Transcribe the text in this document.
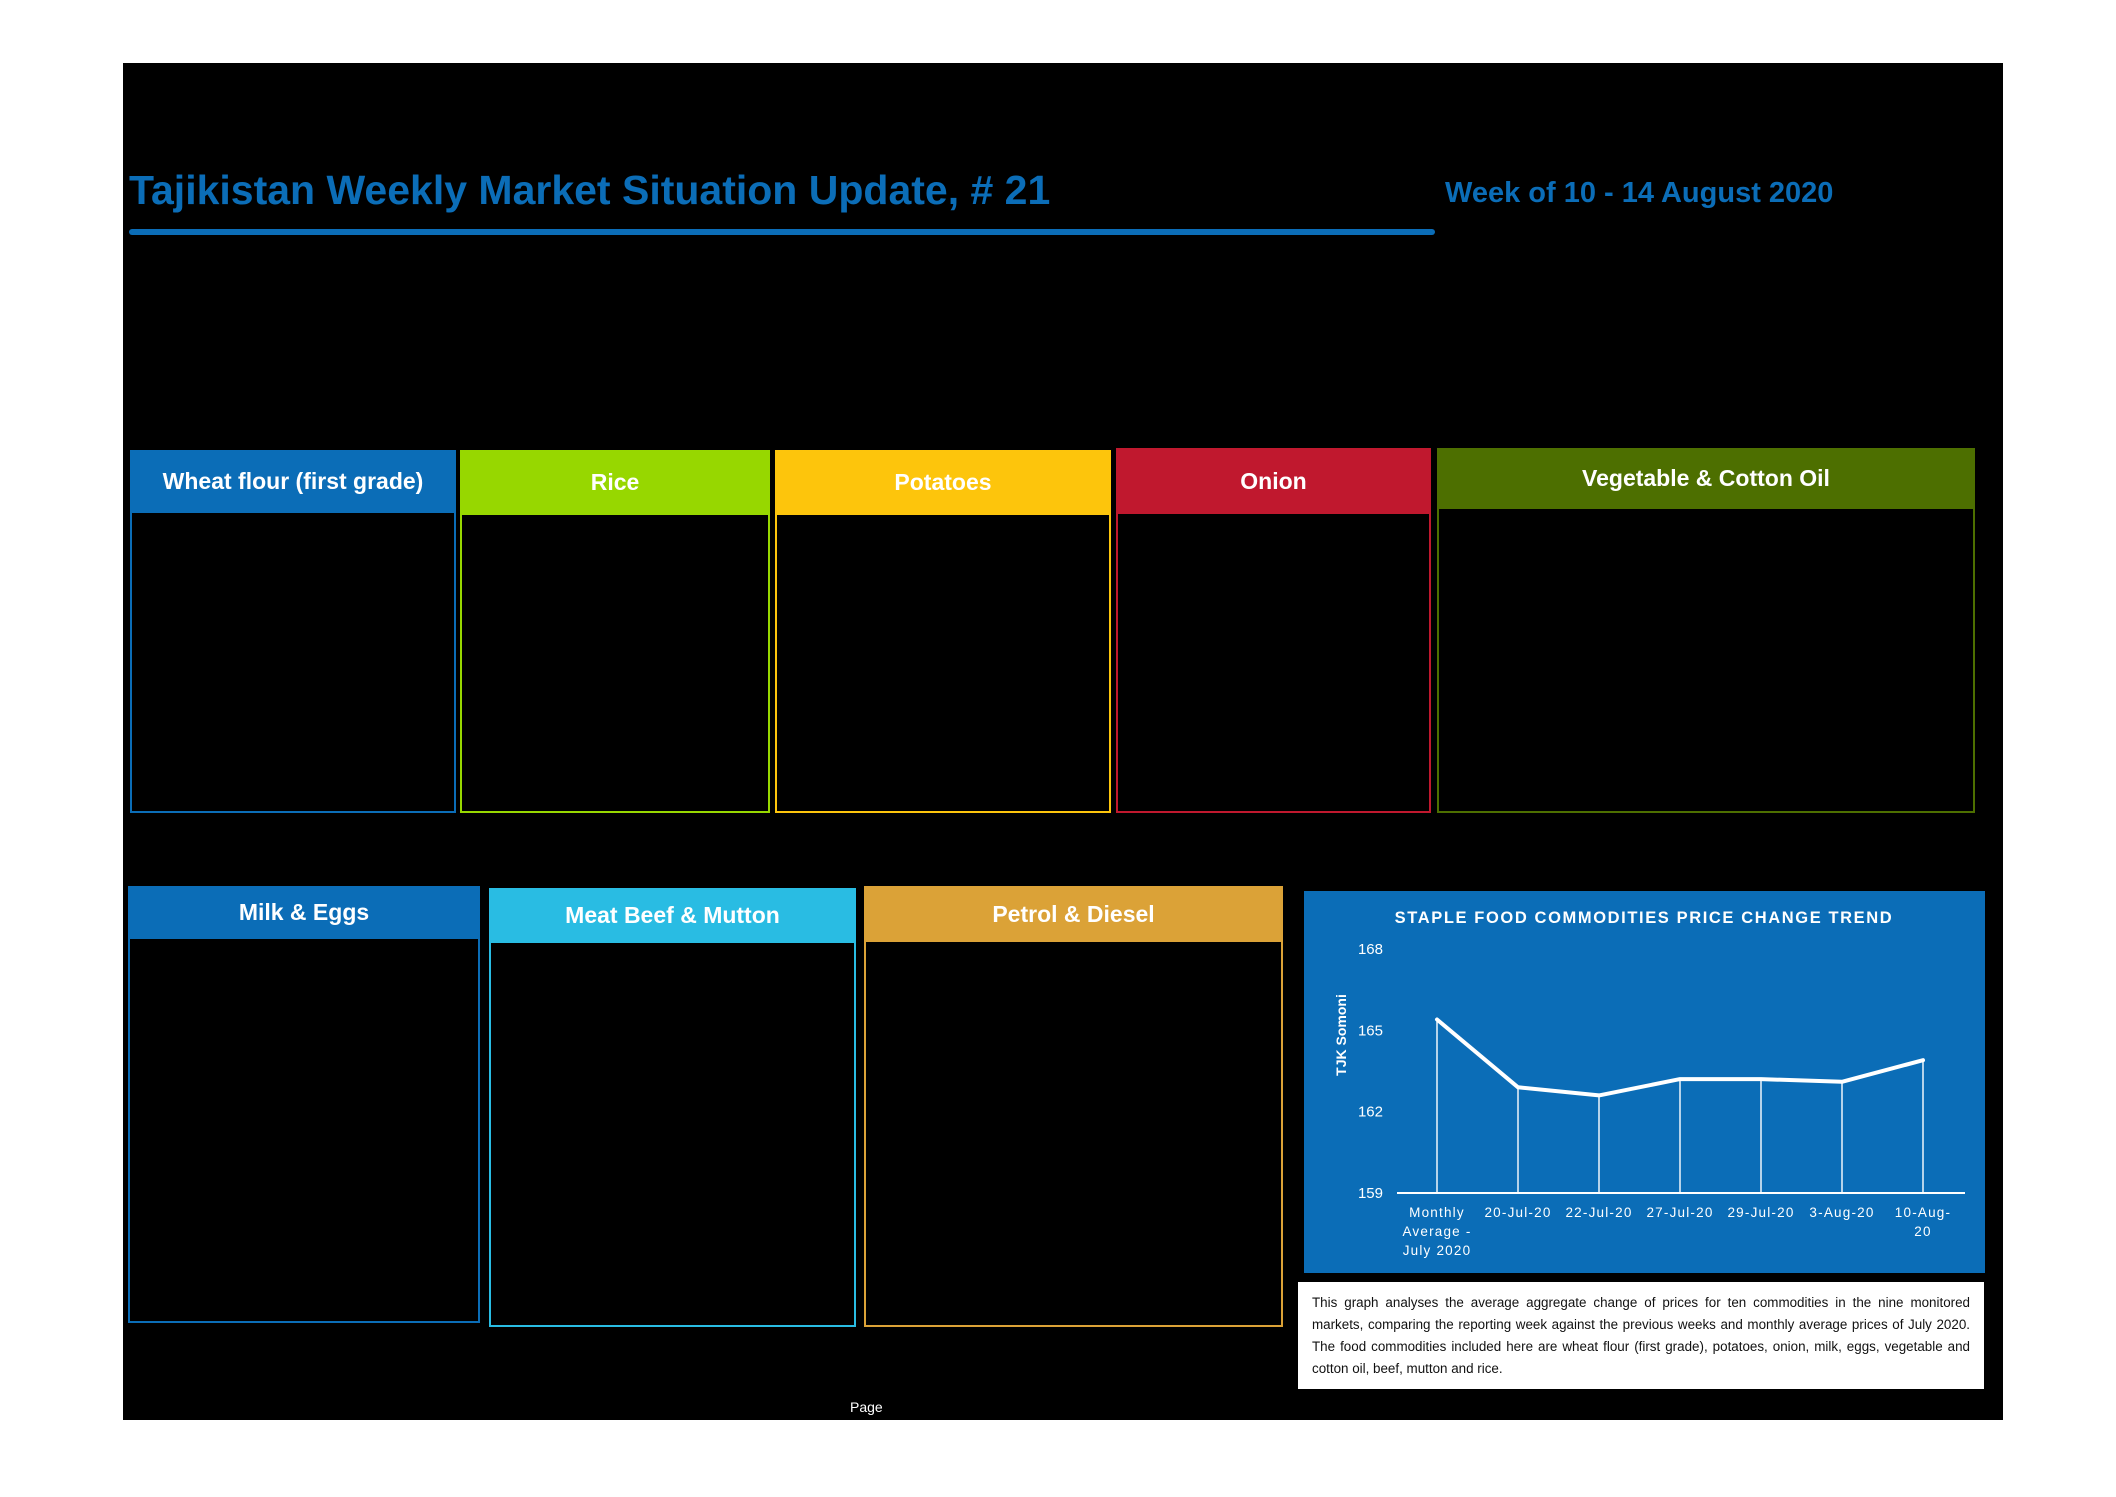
Tajikistan Weekly Market Situation Update, # 21	Week of 10 - 14 August 2020
Wheat flour (first grade)	Rice	Potatoes	Onion	Vegetable & Cotton Oil
Milk & Eggs	Meat Beef & Mutton	Petrol & Diesel	STAPLE FOOD COMMODITIES PRICE CHANGE TREND
TJK Somoni
168
165
162
159
Monthly Average -July 2020
20-Jul-20 22-Jul-20 27-Jul-20 29-Jul-20 3-Aug-20 10-Aug-20
This graph analyses the average aggregate change of prices for ten commodities in the nine monitored markets, comparing the reporting week against the previous weeks and monthly average prices of July 2020. The food commodities included here are wheat flour (first grade), potatoes, onion, milk, eggs, vegetable and cotton oil, beef, mutton and rice.
Page
